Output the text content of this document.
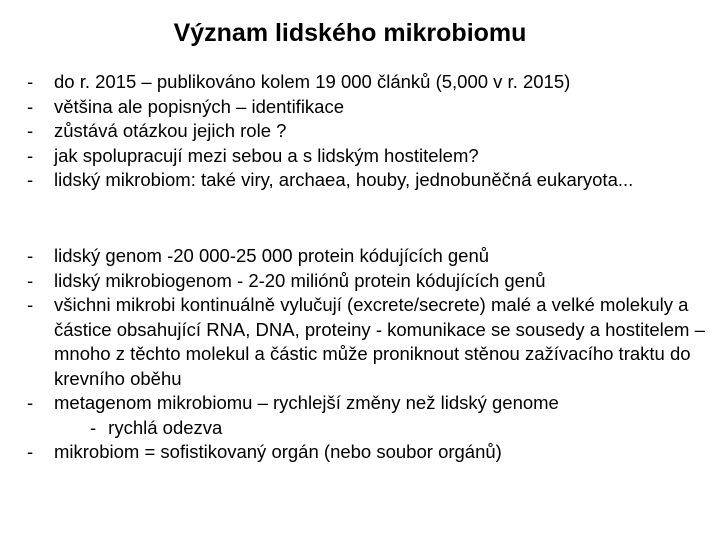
Význam lidského mikrobiomu
- do r. 2015 – publikováno kolem 19 000 článků (5,000 v r. 2015)
- většina ale popisných – identifikace
- zůstává otázkou jejich role ?
- jak spolupracují mezi sebou a s lidským hostitelem?
- lidský mikrobiom: také viry, archaea, houby, jednobuněčná eukaryota...
- lidský genom -20 000-25 000 protein kódujících genů
- lidský mikrobiogenom - 2-20 miliónů protein kódujících genů
- všichni mikrobi kontinuálně vylučují (excrete/secrete) malé a velké molekuly a částice obsahující RNA, DNA, proteiny - komunikace se sousedy a hostitelem – mnoho z těchto molekul a částic může proniknout stěnou zažívacího traktu do krevního oběhu
- metagenom mikrobiomu – rychlejší změny než lidský genome
- rychlá odezva
- mikrobiom = sofistikovaný orgán (nebo soubor orgánů)
